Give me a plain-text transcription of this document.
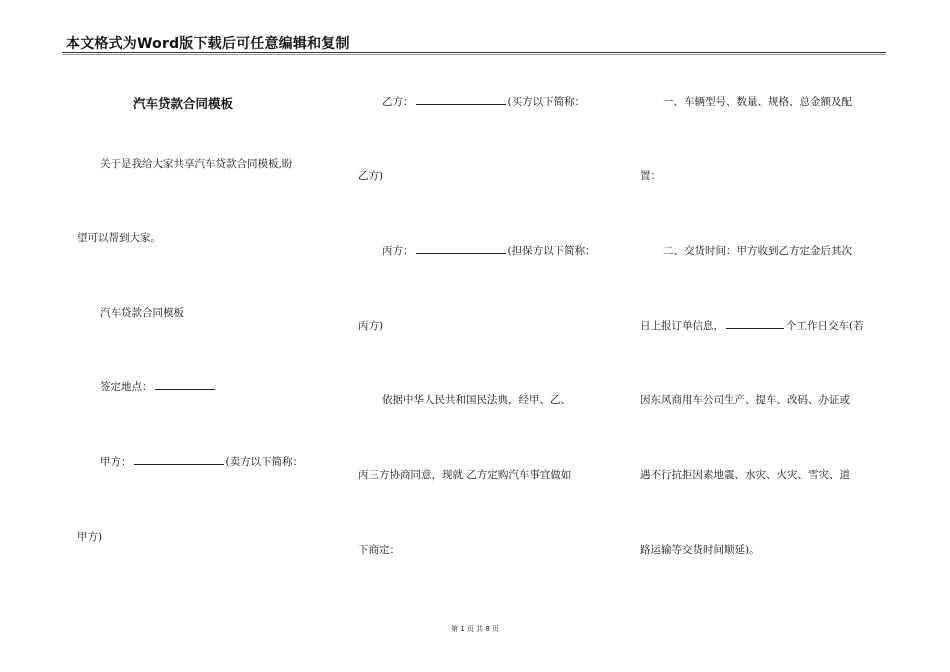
本文格式为Word版下载后可任意编辑和复制
汽车贷款合同模板
关于是我给大家共享汽车贷款合同模板,盼
望可以帮到大家。
汽车贷款合同模板
签定地点：
甲方：	(卖方以下简称：
甲方)
乙方：	(买方以下简称：
乙方)
丙方：	(担保方以下简称：
丙方)
依据中华人民共和国民法典，经甲、乙、
丙三方协商同意，现就 乙方定购汽车事宜做如
下商定：
一、车辆型号、数量、规格、总金额及配
置：
二、交货时间：甲方收到乙方定金后其次
日上报订单信息，	个工作日交车(若
因东风商用车公司生产、提车、改码、办证或
遇不行抗拒因素地震、水灾、火灾、雪灾、道
路运输等交货时间顺延)。
第 1 页 共 8 页
